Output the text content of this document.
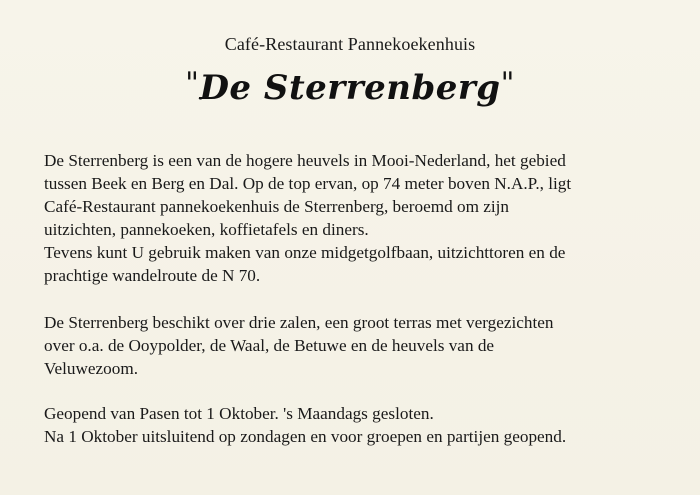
Café-Restaurant Pannekoekenhuis
"De Sterrenberg"

De Sterrenberg is een van de hogere heuvels in Mooi-Nederland, het gebied
tussen Beek en Berg en Dal. Op de top ervan, op 74 meter boven N.A.P., ligt
Café-Restaurant pannekoekenhuis de Sterrenberg, beroemd om zijn
uitzichten, pannekoeken, koffietafels en diners.
Tevens kunt U gebruik maken van onze midgetgolfbaan, uitzichttoren en de
prachtige wandelroute de N 70.

De Sterrenberg beschikt over drie zalen, een groot terras met vergezichten
over o.a. de Ooypolder, de Waal, de Betuwe en de heuvels van de
Veluwezoom.

Geopend van Pasen tot 1 Oktober. 's Maandags gesloten.
Na 1 Oktober uitsluitend op zondagen en voor groepen en partijen geopend.
